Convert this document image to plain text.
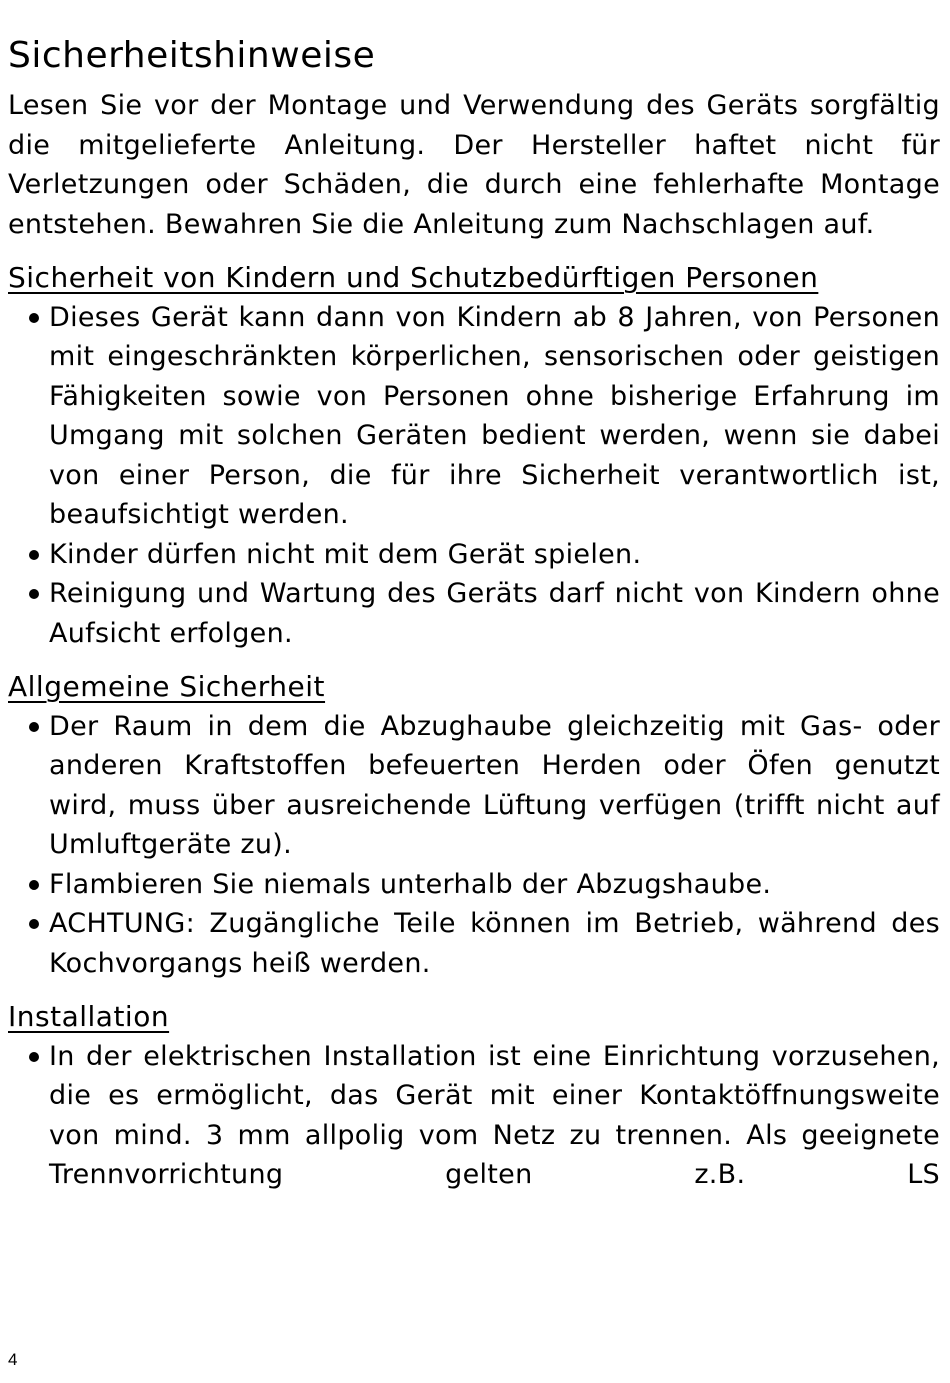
Sicherheitshinweise

Lesen Sie vor der Montage und Verwendung des Geräts sorgfältig die mitgelieferte Anleitung. Der Hersteller haftet nicht für Verletzungen oder Schäden, die durch eine fehlerhafte Montage entstehen. Bewahren Sie die Anleitung zum Nachschlagen auf.

Sicherheit von Kindern und Schutzbedürftigen Personen
Dieses Gerät kann dann von Kindern ab 8 Jahren, von Personen mit eingeschränkten körperlichen, sensorischen oder geistigen Fähigkeiten sowie von Personen ohne bisherige Erfahrung im Umgang mit solchen Geräten bedient werden, wenn sie dabei von einer Person, die für ihre Sicherheit verantwortlich ist, beaufsichtigt werden.
Kinder dürfen nicht mit dem Gerät spielen.
Reinigung und Wartung des Geräts darf nicht von Kindern ohne Aufsicht erfolgen.
Allgemeine Sicherheit
Der Raum in dem die Abzughaube gleichzeitig mit Gas- oder anderen Kraftstoffen befeuerten Herden oder Öfen genutzt wird, muss über ausreichende Lüftung verfügen (trifft nicht auf Umluftgeräte zu).
Flambieren Sie niemals unterhalb der Abzugshaube.
ACHTUNG: Zugängliche Teile können im Betrieb, während des Kochvorgangs heiß werden.
Installation
In der elektrischen Installation ist eine Einrichtung vorzusehen, die es ermöglicht, das Gerät mit einer Kontaktöffnungsweite von mind. 3 mm allpolig vom Netz zu trennen. Als geeignete Trennvorrichtung gelten z.B. LS
4
